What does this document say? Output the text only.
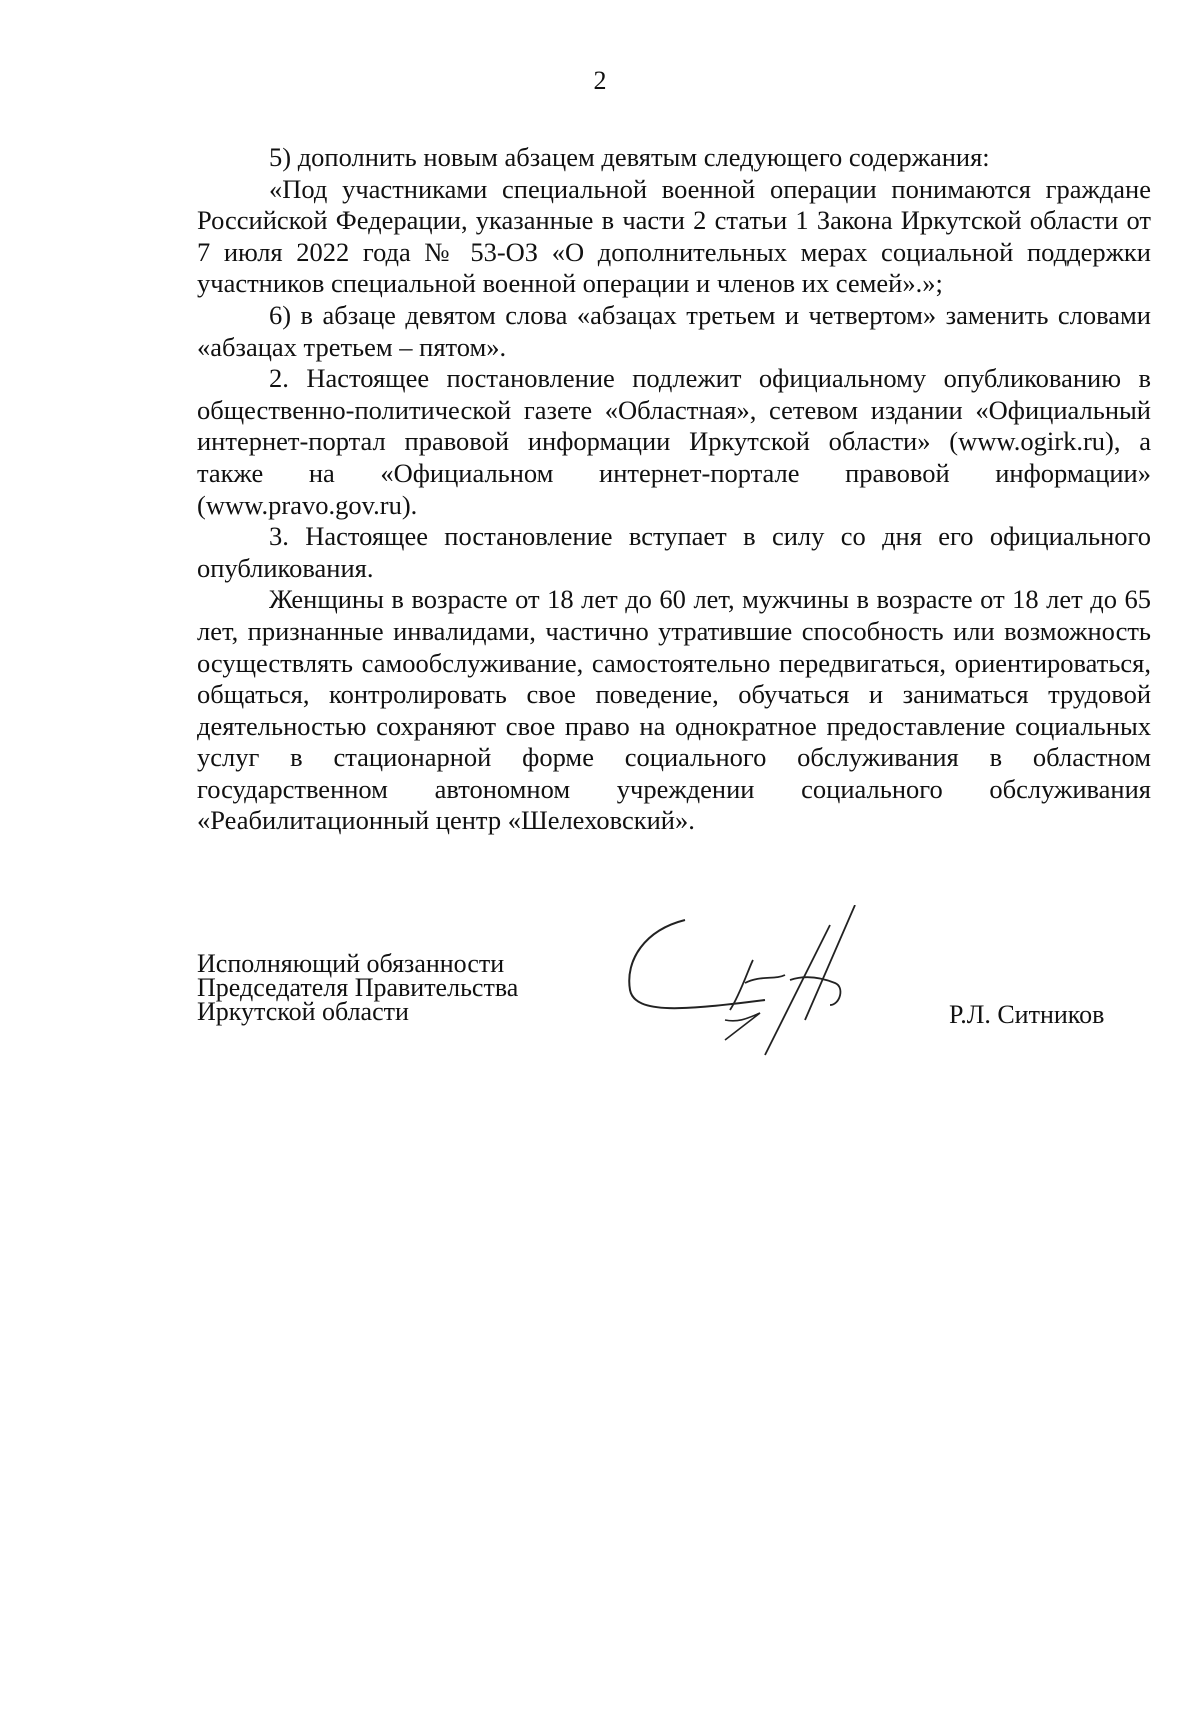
2

5) дополнить новым абзацем девятым следующего содержания:

«Под участниками специальной военной операции понимаются граждане Российской Федерации, указанные в части 2 статьи 1 Закона Иркутской области от 7 июля 2022 года № 53-ОЗ «О дополнительных мерах социальной поддержки участников специальной военной операции и членов их семей».»;

6) в абзаце девятом слова «абзацах третьем и четвертом» заменить словами «абзацах третьем – пятом».

2. Настоящее постановление подлежит официальному опубликованию в общественно-политической газете «Областная», сетевом издании «Официальный интернет-портал правовой информации Иркутской области» (www.ogirk.ru), а также на «Официальном интернет-портале правовой информации» (www.pravo.gov.ru).

3. Настоящее постановление вступает в силу со дня его официального опубликования.

Женщины в возрасте от 18 лет до 60 лет, мужчины в возрасте от 18 лет до 65 лет, признанные инвалидами, частично утратившие способность или возможность осуществлять самообслуживание, самостоятельно передвигаться, ориентироваться, общаться, контролировать свое поведение, обучаться и заниматься трудовой деятельностью сохраняют свое право на однократное предоставление социальных услуг в стационарной форме социального обслуживания в областном государственном автономном учреждении социального обслуживания «Реабилитационный центр «Шелеховский».

Исполняющий обязанности
Председателя Правительства
Иркутской области	Р.Л. Ситников
